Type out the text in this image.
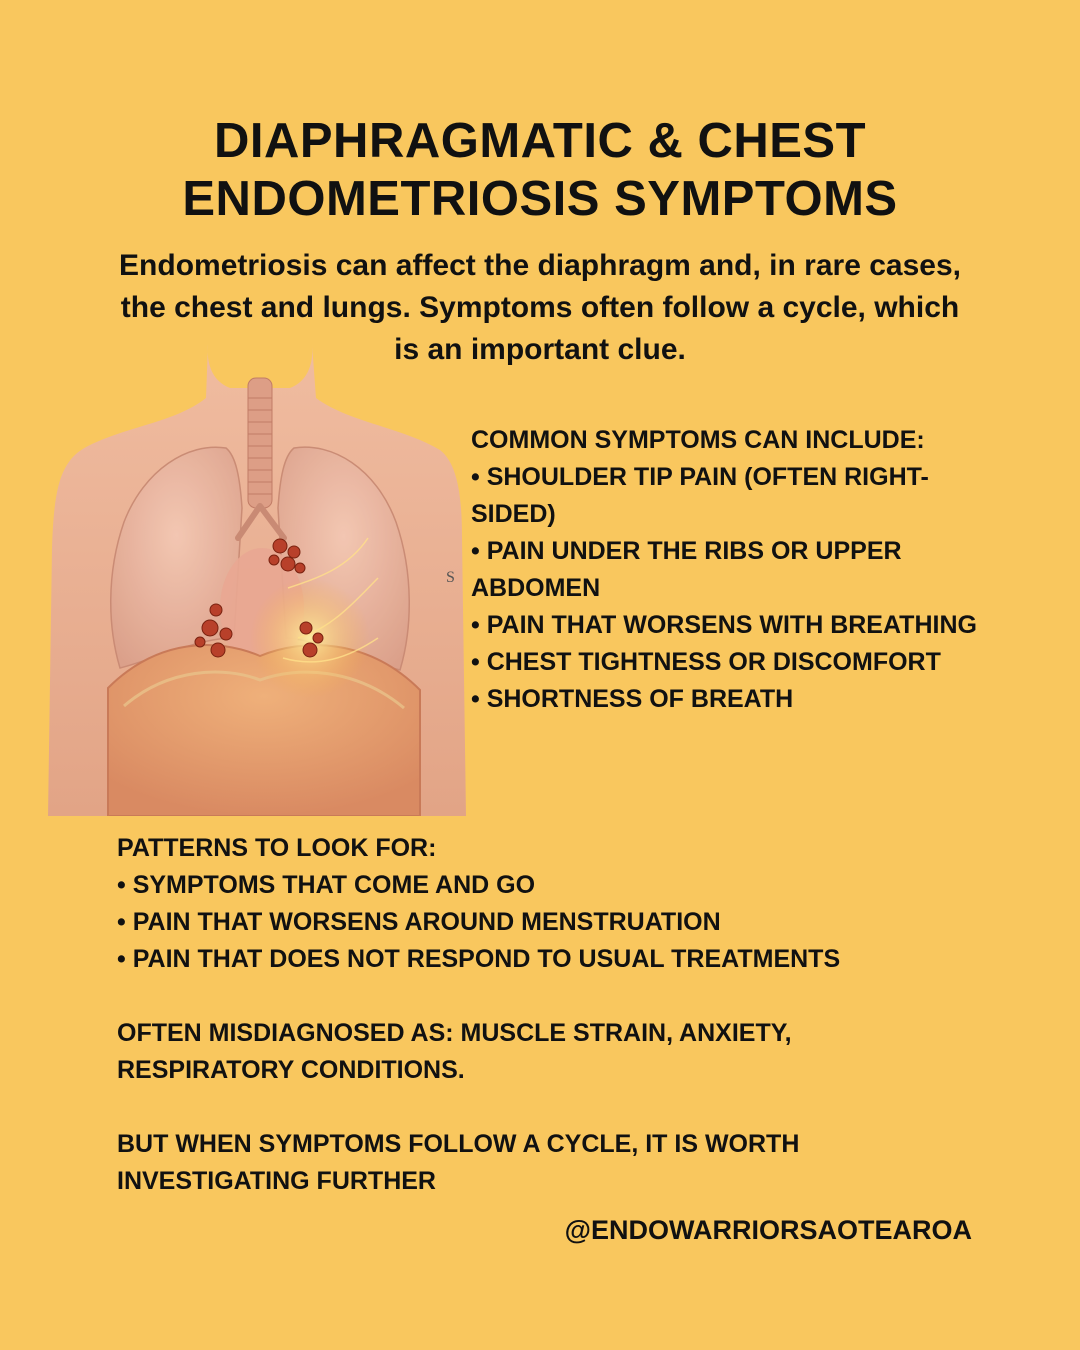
DIAPHRAGMATIC & CHEST
ENDOMETRIOSIS SYMPTOMS
S

Endometriosis can affect the diaphragm and, in rare cases, the chest and lungs. Symptoms often follow a cycle, which is an important clue.

COMMON SYMPTOMS CAN INCLUDE:
• SHOULDER TIP PAIN (OFTEN RIGHT-SIDED)
• PAIN UNDER THE RIBS OR UPPER ABDOMEN
• PAIN THAT WORSENS WITH BREATHING
• CHEST TIGHTNESS OR DISCOMFORT
• SHORTNESS OF BREATH
PATTERNS TO LOOK FOR:
• SYMPTOMS THAT COME AND GO
• PAIN THAT WORSENS AROUND MENSTRUATION
• PAIN THAT DOES NOT RESPOND TO USUAL TREATMENTS

OFTEN MISDIAGNOSED AS: MUSCLE STRAIN, ANXIETY, RESPIRATORY CONDITIONS.

BUT WHEN SYMPTOMS FOLLOW A CYCLE, IT IS WORTH INVESTIGATING FURTHER

@ENDOWARRIORSAOTEAROA
